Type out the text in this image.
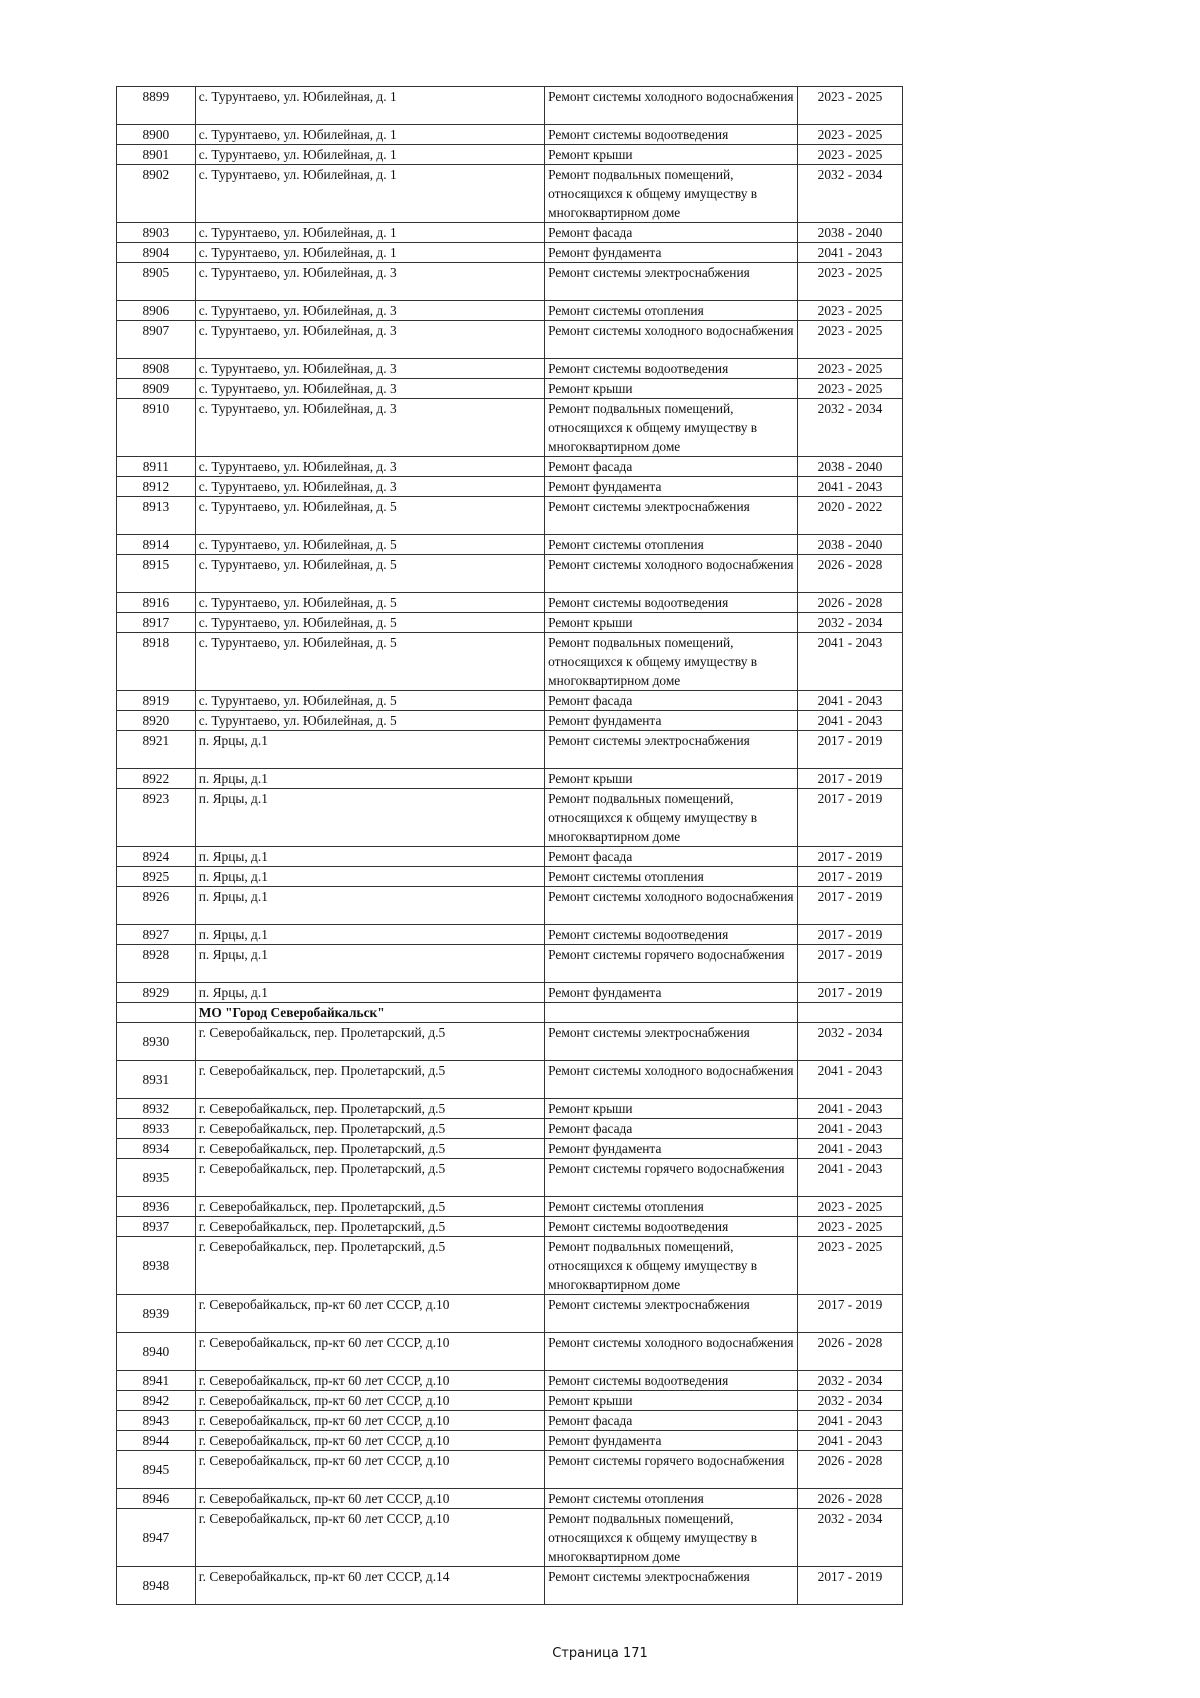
8899	с. Турунтаево, ул. Юбилейная, д. 1	Ремонт системы холодного водоснабжения	2023 - 2025
8900	с. Турунтаево, ул. Юбилейная, д. 1	Ремонт системы водоотведения	2023 - 2025
8901	с. Турунтаево, ул. Юбилейная, д. 1	Ремонт крыши	2023 - 2025
8902	с. Турунтаево, ул. Юбилейная, д. 1	Ремонт подвальных помещений, относящихся к общему имуществу в многоквартирном доме	2032 - 2034
8903	с. Турунтаево, ул. Юбилейная, д. 1	Ремонт фасада	2038 - 2040
8904	с. Турунтаево, ул. Юбилейная, д. 1	Ремонт фундамента	2041 - 2043
8905	с. Турунтаево, ул. Юбилейная, д. 3	Ремонт системы электроснабжения	2023 - 2025
8906	с. Турунтаево, ул. Юбилейная, д. 3	Ремонт системы отопления	2023 - 2025
8907	с. Турунтаево, ул. Юбилейная, д. 3	Ремонт системы холодного водоснабжения	2023 - 2025
8908	с. Турунтаево, ул. Юбилейная, д. 3	Ремонт системы водоотведения	2023 - 2025
8909	с. Турунтаево, ул. Юбилейная, д. 3	Ремонт крыши	2023 - 2025
8910	с. Турунтаево, ул. Юбилейная, д. 3	Ремонт подвальных помещений, относящихся к общему имуществу в многоквартирном доме	2032 - 2034
8911	с. Турунтаево, ул. Юбилейная, д. 3	Ремонт фасада	2038 - 2040
8912	с. Турунтаево, ул. Юбилейная, д. 3	Ремонт фундамента	2041 - 2043
8913	с. Турунтаево, ул. Юбилейная, д. 5	Ремонт системы электроснабжения	2020 - 2022
8914	с. Турунтаево, ул. Юбилейная, д. 5	Ремонт системы отопления	2038 - 2040
8915	с. Турунтаево, ул. Юбилейная, д. 5	Ремонт системы холодного водоснабжения	2026 - 2028
8916	с. Турунтаево, ул. Юбилейная, д. 5	Ремонт системы водоотведения	2026 - 2028
8917	с. Турунтаево, ул. Юбилейная, д. 5	Ремонт крыши	2032 - 2034
8918	с. Турунтаево, ул. Юбилейная, д. 5	Ремонт подвальных помещений, относящихся к общему имуществу в многоквартирном доме	2041 - 2043
8919	с. Турунтаево, ул. Юбилейная, д. 5	Ремонт фасада	2041 - 2043
8920	с. Турунтаево, ул. Юбилейная, д. 5	Ремонт фундамента	2041 - 2043
8921	п. Ярцы, д.1	Ремонт системы электроснабжения	2017 - 2019
8922	п. Ярцы, д.1	Ремонт крыши	2017 - 2019
8923	п. Ярцы, д.1	Ремонт подвальных помещений, относящихся к общему имуществу в многоквартирном доме	2017 - 2019
8924	п. Ярцы, д.1	Ремонт фасада	2017 - 2019
8925	п. Ярцы, д.1	Ремонт системы отопления	2017 - 2019
8926	п. Ярцы, д.1	Ремонт системы холодного водоснабжения	2017 - 2019
8927	п. Ярцы, д.1	Ремонт системы водоотведения	2017 - 2019
8928	п. Ярцы, д.1	Ремонт системы горячего водоснабжения	2017 - 2019
8929	п. Ярцы, д.1	Ремонт фундамента	2017 - 2019
	МО "Город Северобайкальск"		
8930	г. Северобайкальск, пер. Пролетарский, д.5	Ремонт системы электроснабжения	2032 - 2034
8931	г. Северобайкальск, пер. Пролетарский, д.5	Ремонт системы холодного водоснабжения	2041 - 2043
8932	г. Северобайкальск, пер. Пролетарский, д.5	Ремонт крыши	2041 - 2043
8933	г. Северобайкальск, пер. Пролетарский, д.5	Ремонт фасада	2041 - 2043
8934	г. Северобайкальск, пер. Пролетарский, д.5	Ремонт фундамента	2041 - 2043
8935	г. Северобайкальск, пер. Пролетарский, д.5	Ремонт системы горячего водоснабжения	2041 - 2043
8936	г. Северобайкальск, пер. Пролетарский, д.5	Ремонт системы отопления	2023 - 2025
8937	г. Северобайкальск, пер. Пролетарский, д.5	Ремонт системы водоотведения	2023 - 2025
8938	г. Северобайкальск, пер. Пролетарский, д.5	Ремонт подвальных помещений, относящихся к общему имуществу в многоквартирном доме	2023 - 2025
8939	г. Северобайкальск, пр-кт 60 лет СССР, д.10	Ремонт системы электроснабжения	2017 - 2019
8940	г. Северобайкальск, пр-кт 60 лет СССР, д.10	Ремонт системы холодного водоснабжения	2026 - 2028
8941	г. Северобайкальск, пр-кт 60 лет СССР, д.10	Ремонт системы водоотведения	2032 - 2034
8942	г. Северобайкальск, пр-кт 60 лет СССР, д.10	Ремонт крыши	2032 - 2034
8943	г. Северобайкальск, пр-кт 60 лет СССР, д.10	Ремонт фасада	2041 - 2043
8944	г. Северобайкальск, пр-кт 60 лет СССР, д.10	Ремонт фундамента	2041 - 2043
8945	г. Северобайкальск, пр-кт 60 лет СССР, д.10	Ремонт системы горячего водоснабжения	2026 - 2028
8946	г. Северобайкальск, пр-кт 60 лет СССР, д.10	Ремонт системы отопления	2026 - 2028
8947	г. Северобайкальск, пр-кт 60 лет СССР, д.10	Ремонт подвальных помещений, относящихся к общему имуществу в многоквартирном доме	2032 - 2034
8948	г. Северобайкальск, пр-кт 60 лет СССР, д.14	Ремонт системы электроснабжения	2017 - 2019
Страница 171
